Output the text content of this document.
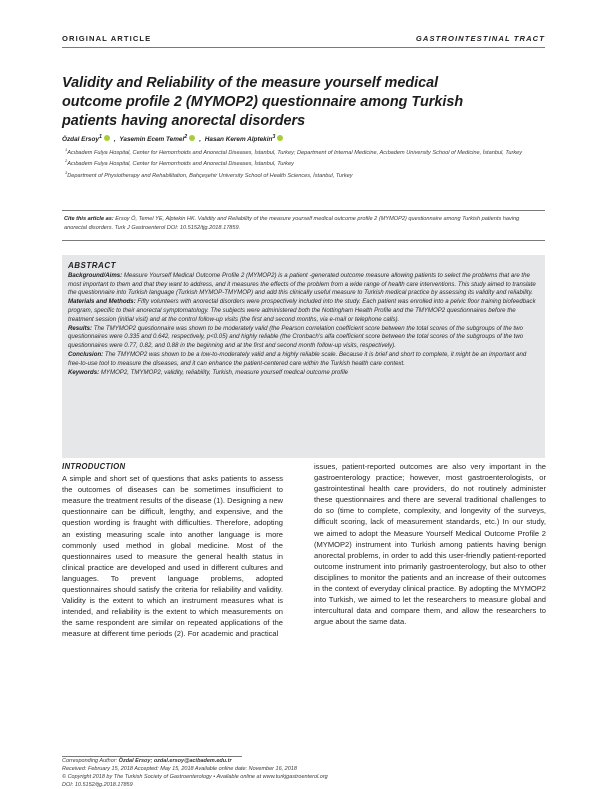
ORIGINAL ARTICLE	GASTROINTESTINAL TRACT
Validity and Reliability of the measure yourself medical outcome profile 2 (MYMOP2) questionnaire among Turkish patients having anorectal disorders
Özdal Ersoy$^1$ , Yasemin Ecem Temel$^2$ , Hasan Kerem Alptekin$^3$
$^1$Acıbadem Fulya Hospital, Center for Hemorrhoids and Anorectal Diseases, İstanbul, Turkey; Department of Internal Medicine, Acıbadem University School of Medicine, İstanbul, Turkey
$^2$Acıbadem Fulya Hospital, Center for Hemorrhoids and Anorectal Diseases, İstanbul, Turkey
$^3$Department of Physiotherapy and Rehabilitation, Bahçeşehir University School of Health Sciences, İstanbul, Turkey
Cite this article as: Ersoy Ö, Temel YE, Alptekin HK. Validity and Reliability of the measure yourself medical outcome profile 2 (MYMOP2) questionnaire among Turkish patients having anorectal disorders. Turk J Gastroenterol DOI: 10.5152/tjg.2018.17859.
ABSTRACT

Background/Aims: Measure Yourself Medical Outcome Profile 2 (MYMOP2) is a patient -generated outcome measure allowing patients to select the problems that are the most important to them and that they want to address, and it measures the effects of the problem from a wide range of health care interventions. This study aimed to translate the questionnaire into Turkish language (Turkish MYMOP-TMYMOP) and add this clinically useful measure to Turkish medical practice by assessing its validity and reliability.

Materials and Methods: Fifty volunteers with anorectal disorders were prospectively included into the study. Each patient was enrolled into a pelvic floor training biofeedback program, specific to their anorectal symptomatology. The subjects were administered both the Nottingham Health Profile and the TMYMOP2 questionnaires before the treatment session (initial visit) and at the control follow-up visits (the first and second months, via e-mail or telephone calls).

Results: The TMYMOP2 questionnaire was shown to be moderately valid (the Pearson correlation coefficient score between the total scores of the subgroups of the two questionnaires were 0.335 and 0.642, respectively, p<0.05) and highly reliable (the Cronbach's alfa coefficient score between the total scores of the subgroups of the two questionnaires were 0.77, 0.82, and 0.88 in the beginning and at the first and second month follow-up visits, respectively).

Conclusion: The TMYMOP2 was shown to be a low-to-moderately valid and a highly reliable scale. Because it is brief and short to complete, it might be an important and free-to-use tool to measure the diseases, and it can enhance the patient-centered care within the Turkish health care context.

Keywords: MYMOP2, TMYMOP2, validity, reliability, Turkish, measure yourself medical outcome profile

INTRODUCTION

A simple and short set of questions that asks patients to assess the outcomes of diseases can be sometimes insufficient to measure the treatment results of the disease (1). Designing a new questionnaire can be difficult, lengthy, and expensive, and the question wording is fraught with difficulties. Therefore, adopting an existing measuring scale into another language is more commonly used method in global medicine. Most of the questionnaires used to measure the general health status in clinical practice are developed and used in different cultures and languages. To prevent language problems, adopted questionnaires should satisfy the criteria for reliability and validity. Validity is the extent to which an instrument measures what is intended, and reliability is the extent to which measurements on the same respondent are similar on repeated applications of the measure at different time periods (2). For academic and practical

issues, patient-reported outcomes are also very important in the gastroenterology practice; however, most gastroenterologists, or gastrointestinal health care providers, do not routinely administer these questionnaires and there are several traditional challenges to do so (time to complete, complexity, and longevity of the surveys, difficult scoring, lack of measurement standards, etc.) In our study, we aimed to adopt the Measure Yourself Medical Outcome Profile 2 (MYMOP2) instrument into Turkish among patients having benign anorectal problems, in order to add this user-friendly patient-reported outcome instrument into primarily gastroenterology, but also to other disciplines to monitor the patients and an increase of their outcomes in the context of everyday clinical practice. By adopting the MYMOP2 into Turkish, we aimed to let the researchers to measure global and intercultural data and compare them, and allow the researchers to argue about the same data.

Corresponding Author: Özdal Ersoy; ozdal.ersoy@acibadem.edu.tr
Received: February 15, 2018 Accepted: May 15, 2018 Available online date: November 16, 2018
© Copyright 2018 by The Turkish Society of Gastroenterology • Available online at www.turkjgastroenterol.org
DOI: 10.5152/tjg.2018.17859
